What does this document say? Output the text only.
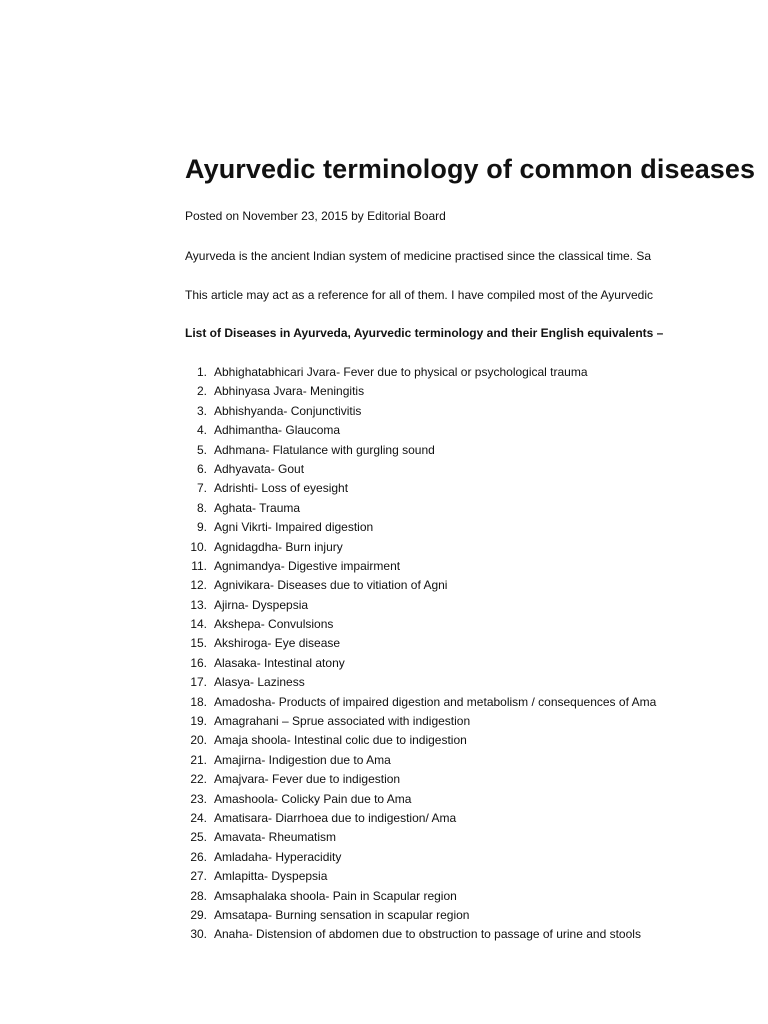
Ayurvedic terminology of common diseases

Posted on November 23, 2015 by Editorial Board

Ayurveda is the ancient Indian system of medicine practised since the classical time. Sa

This article may act as a reference for all of them. I have compiled most of the Ayurvedic

List of Diseases in Ayurveda, Ayurvedic terminology and their English equivalents –

1. Abhighatabhicari Jvara- Fever due to physical or psychological trauma
2. Abhinyasa Jvara- Meningitis
3. Abhishyanda- Conjunctivitis
4. Adhimantha- Glaucoma
5. Adhmana- Flatulance with gurgling sound
6. Adhyavata- Gout
7. Adrishti- Loss of eyesight
8. Aghata- Trauma
9. Agni Vikrti- Impaired digestion
10. Agnidagdha- Burn injury
11. Agnimandya- Digestive impairment
12. Agnivikara- Diseases due to vitiation of Agni
13. Ajirna- Dyspepsia
14. Akshepa- Convulsions
15. Akshiroga- Eye disease
16. Alasaka- Intestinal atony
17. Alasya- Laziness
18. Amadosha- Products of impaired digestion and metabolism / consequences of Ama
19. Amagrahani – Sprue associated with indigestion
20. Amaja shoola- Intestinal colic due to indigestion
21. Amajirna- Indigestion due to Ama
22. Amajvara- Fever due to indigestion
23. Amashoola- Colicky Pain due to Ama
24. Amatisara- Diarrhoea due to indigestion/ Ama
25. Amavata- Rheumatism
26. Amladaha- Hyperacidity
27. Amlapitta- Dyspepsia
28. Amsaphalaka shoola- Pain in Scapular region
29. Amsatapa- Burning sensation in scapular region
30. Anaha- Distension of abdomen due to obstruction to passage of urine and stools
